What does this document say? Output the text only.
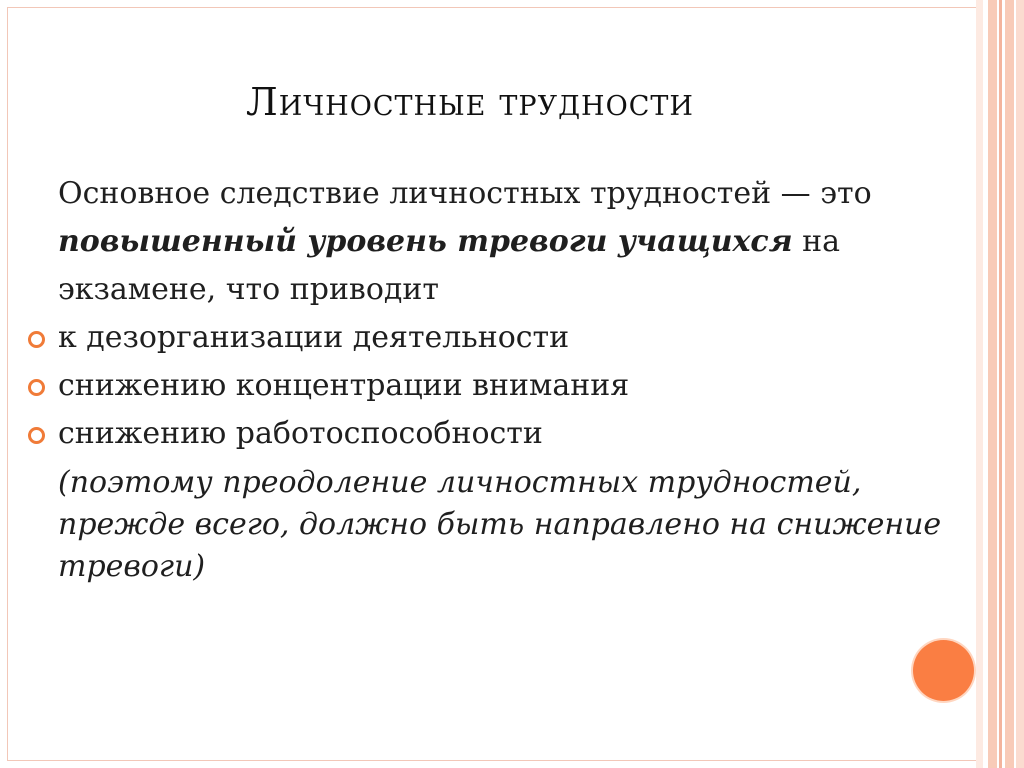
Личностные трудности

Основное следствие личностных трудностей — это повышенный уровень тревоги учащихся на экзамене, что приводит

к дезорганизации деятельности
снижению концентрации внимания
снижению работоспособности

(поэтому преодоление личностных трудностей, прежде всего, должно быть направлено на снижение тревоги)
